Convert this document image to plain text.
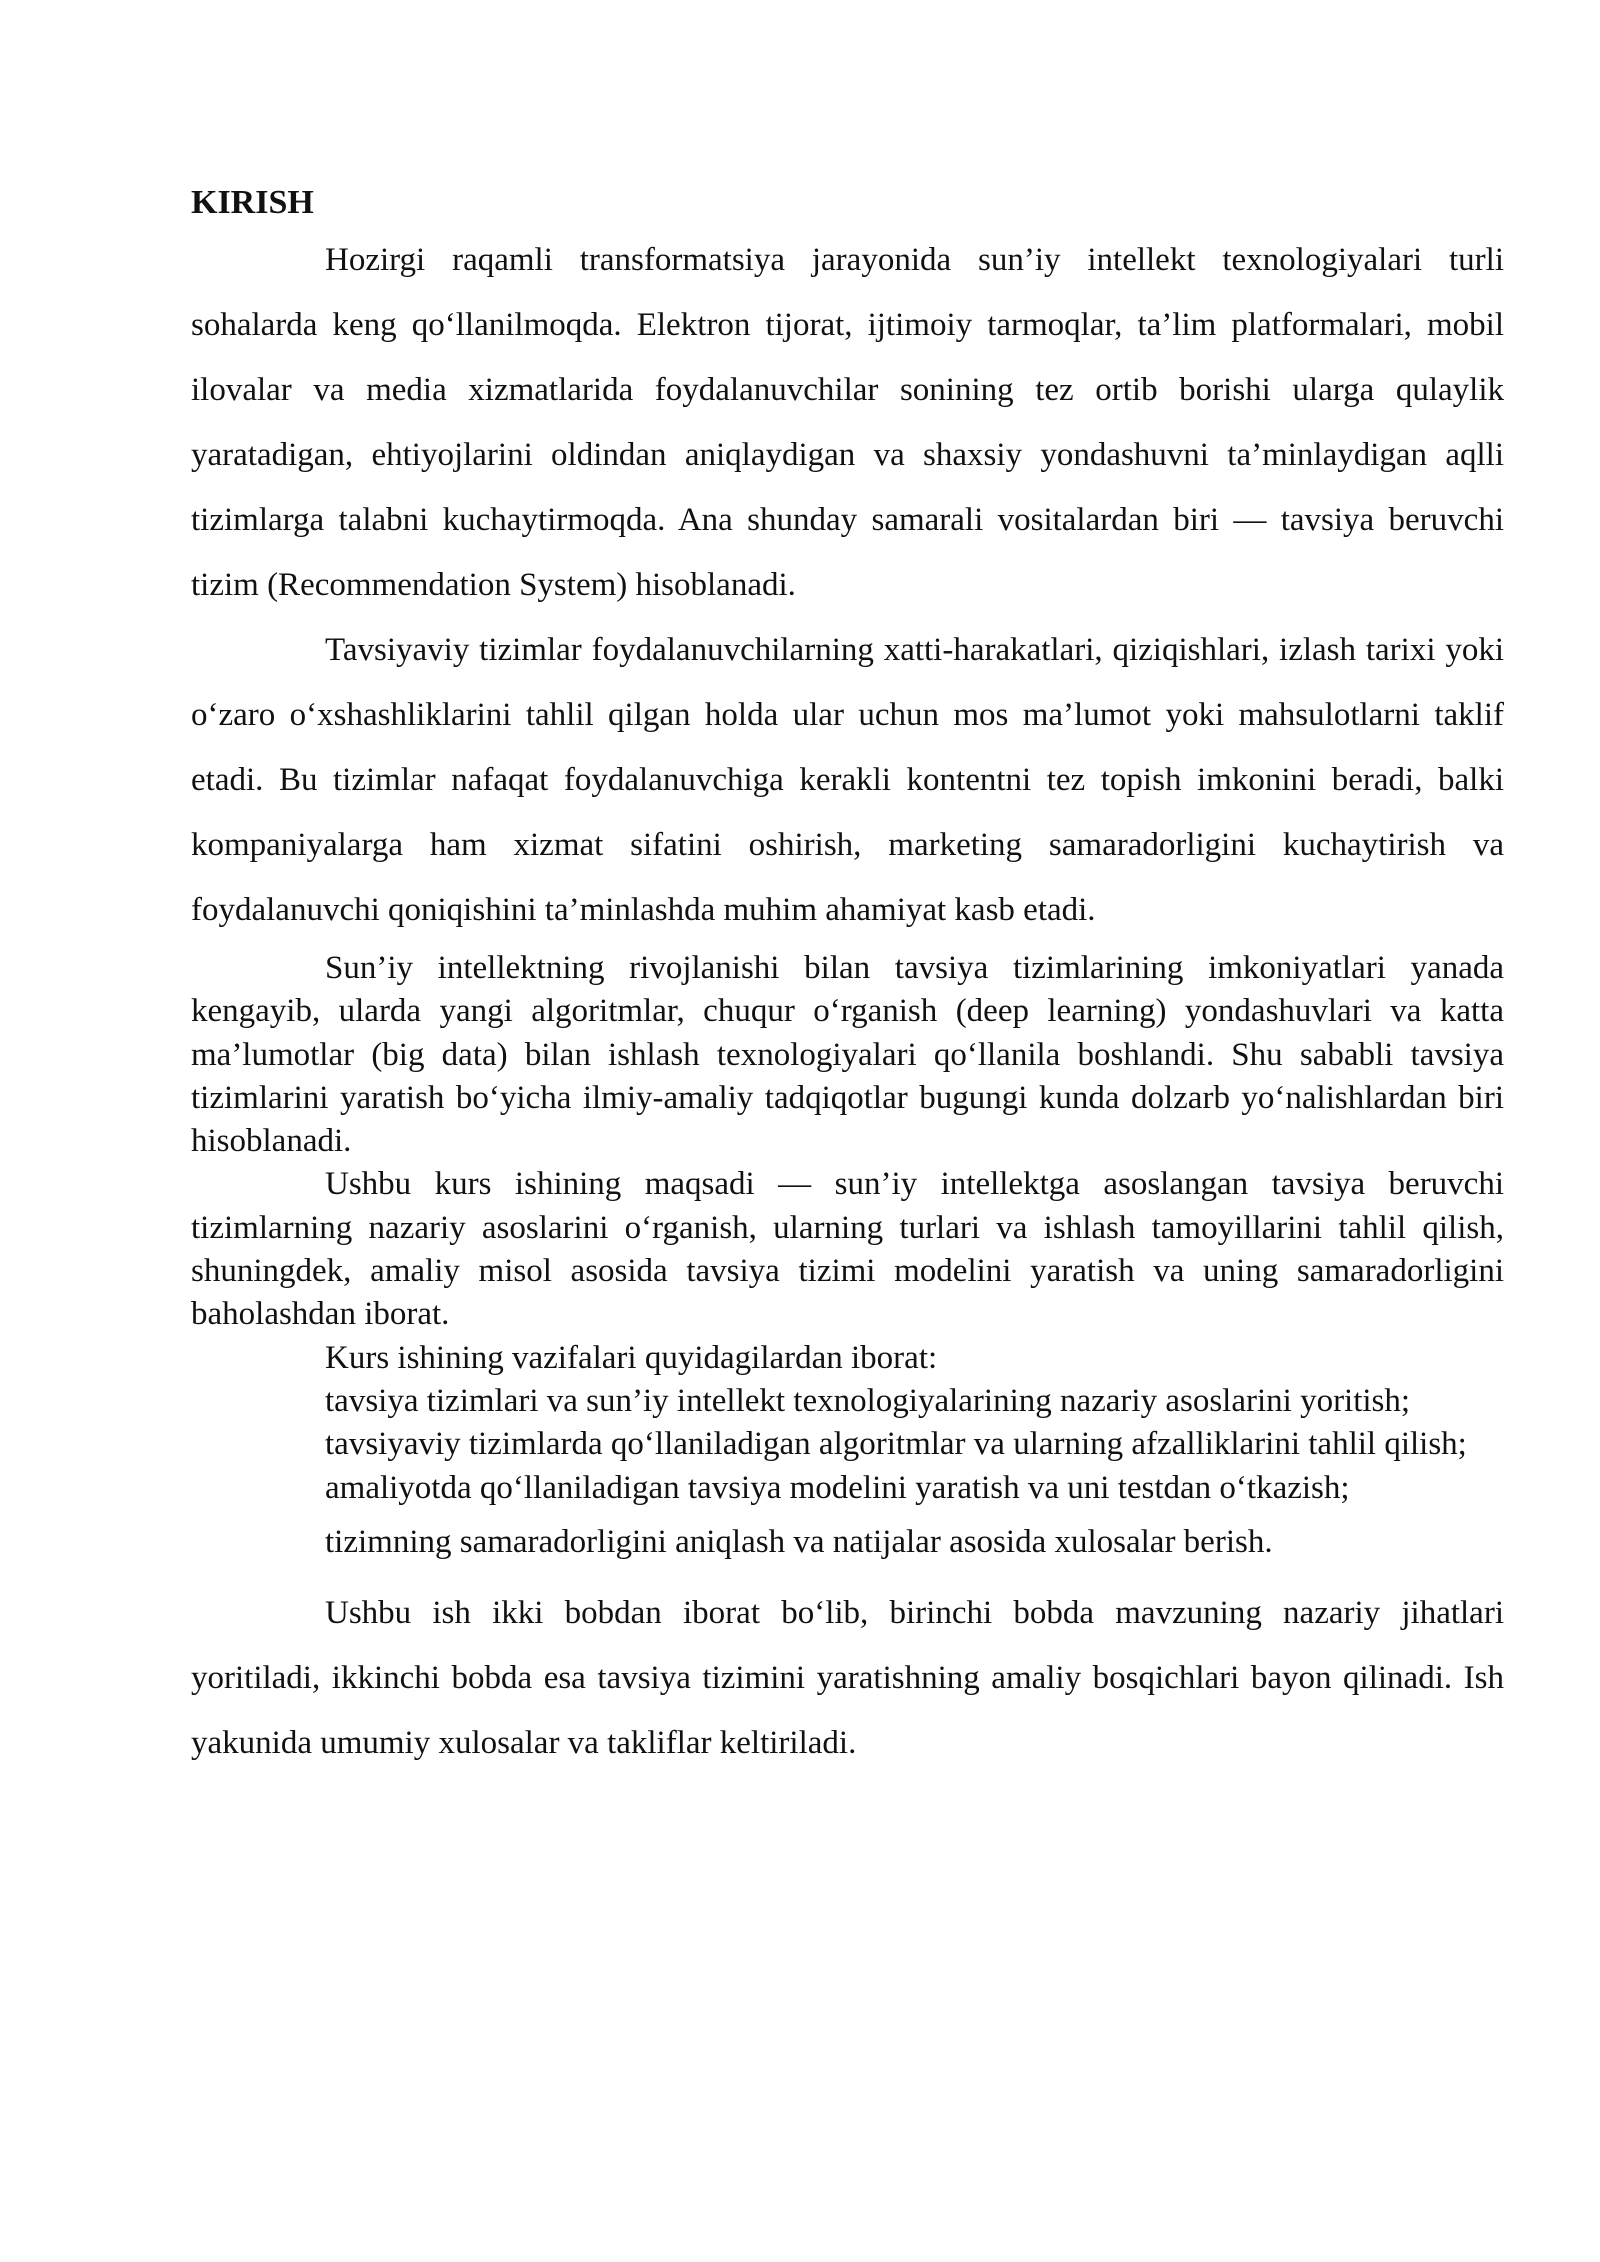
KIRISH

Hozirgi raqamli transformatsiya jarayonida sun’iy intellekt texnologiyalari turli sohalarda keng qo‘llanilmoqda. Elektron tijorat, ijtimoiy tarmoqlar, ta’lim platformalari, mobil ilovalar va media xizmatlarida foydalanuvchilar sonining tez ortib borishi ularga qulaylik yaratadigan, ehtiyojlarini oldindan aniqlaydigan va shaxsiy yondashuvni ta’minlaydigan aqlli tizimlarga talabni kuchaytirmoqda. Ana shunday samarali vositalardan biri — tavsiya beruvchi tizim (Recommendation System) hisoblanadi.

Tavsiyaviy tizimlar foydalanuvchilarning xatti-harakatlari, qiziqishlari, izlash tarixi yoki o‘zaro o‘xshashliklarini tahlil qilgan holda ular uchun mos ma’lumot yoki mahsulotlarni taklif etadi. Bu tizimlar nafaqat foydalanuvchiga kerakli kontentni tez topish imkonini beradi, balki kompaniyalarga ham xizmat sifatini oshirish, marketing samaradorligini kuchaytirish va foydalanuvchi qoniqishini ta’minlashda muhim ahamiyat kasb etadi.

Sun’iy intellektning rivojlanishi bilan tavsiya tizimlarining imkoniyatlari yanada kengayib, ularda yangi algoritmlar, chuqur o‘rganish (deep learning) yondashuvlari va katta ma’lumotlar (big data) bilan ishlash texnologiyalari qo‘llanila boshlandi. Shu sababli tavsiya tizimlarini yaratish bo‘yicha ilmiy-amaliy tadqiqotlar bugungi kunda dolzarb yo‘nalishlardan biri hisoblanadi.

Ushbu kurs ishining maqsadi — sun’iy intellektga asoslangan tavsiya beruvchi tizimlarning nazariy asoslarini o‘rganish, ularning turlari va ishlash tamoyillarini tahlil qilish, shuningdek, amaliy misol asosida tavsiya tizimi modelini yaratish va uning samaradorligini baholashdan iborat.

Kurs ishining vazifalari quyidagilardan iborat:

tavsiya tizimlari va sun’iy intellekt texnologiyalarining nazariy asoslarini yoritish;

tavsiyaviy tizimlarda qo‘llaniladigan algoritmlar va ularning afzalliklarini tahlil qilish;

amaliyotda qo‘llaniladigan tavsiya modelini yaratish va uni testdan o‘tkazish;

tizimning samaradorligini aniqlash va natijalar asosida xulosalar berish.

Ushbu ish ikki bobdan iborat bo‘lib, birinchi bobda mavzuning nazariy jihatlari yoritiladi, ikkinchi bobda esa tavsiya tizimini yaratishning amaliy bosqichlari bayon qilinadi. Ish yakunida umumiy xulosalar va takliflar keltiriladi.
